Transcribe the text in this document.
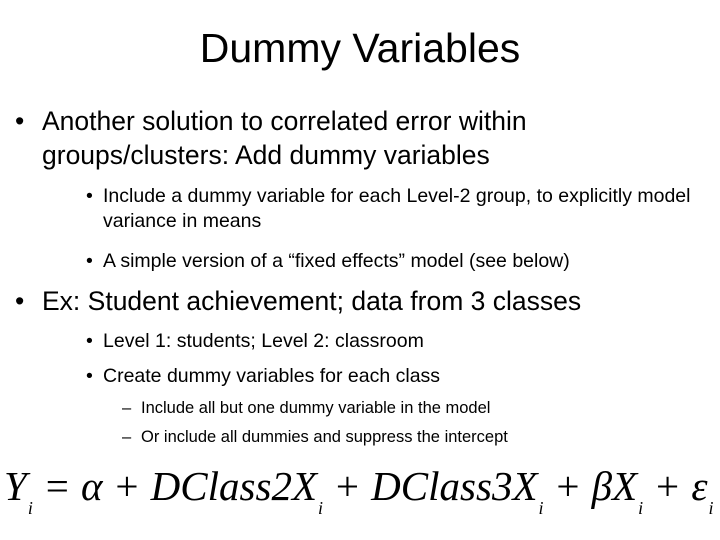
Dummy Variables
• Another solution to correlated error within groups/clusters: Add dummy variables
• Include a dummy variable for each Level-2 group, to explicitly model variance in means
• A simple version of a “fixed effects” model (see below)
• Ex: Student achievement; data from 3 classes
• Level 1: students; Level 2: classroom
• Create dummy variables for each class
– Include all but one dummy variable in the model
– Or include all dummies and suppress the intercept
$Y_i = \alpha$ + $DClass2X_i$ + $DClass3X_i + \beta X_i + \varepsilon_i$
